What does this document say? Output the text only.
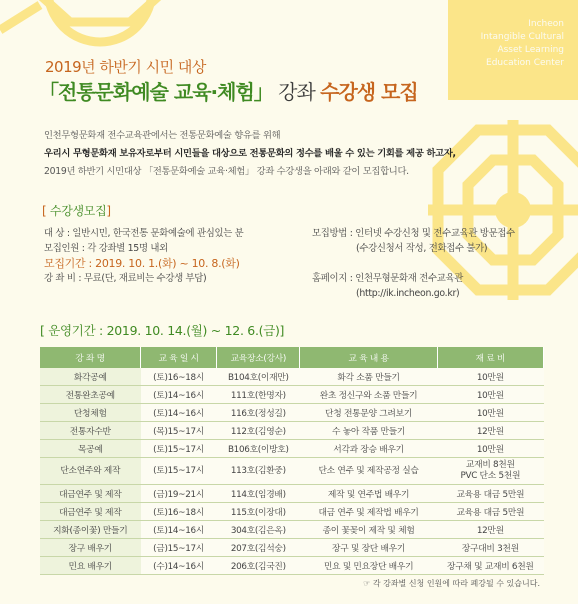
Incheon
Intangible Cultural
Asset Learning
Education Center
2019년 하반기 시민 대상
「전통문화예술 교육·체험」 강좌 수강생 모집
인천무형문화재 전수교육관에서는 전통문화예술 향유를 위해
우리시 무형문화재 보유자로부터 시민들을 대상으로 전통문화의 정수를 배울 수 있는 기회를 제공 하고자,
2019년 하반기 시민대상 「전통문화예술 교육·체험」 강좌 수강생을 아래와 같이 모집합니다.
[ 수강생모집]
대 상 : 일반시민, 한국전통 문화예술에 관심있는 분
모집인원 : 각 강좌별 15명 내외
모집기간 : 2019. 10. 1.(화) ~ 10. 8.(화)
강 좌 비 : 무료(단, 재료비는 수강생 부담)
모집방법 : 인터넷 수강신청 및 전수교육관 방문접수
(수강신청서 작성, 전화접수 불가)

홈페이지 : 인천무형문화재 전수교육관
(http://ik.incheon.go.kr)
[ 운영기간 : 2019. 10. 14.(월) ~ 12. 6.(금)]
강 좌 명	교 육 일 시	교육장소(강사)	교 육 내 용	재 료 비
화각공예	(토)16~18시	B104호(이재만)	화각 소품 만들기	10만원
전통완초공예	(토)14~16시	111호(한명자)	완초 정신구와 소품 만들기	10만원
단청체험	(토)14~16시	116호(정성길)	단청 전통문양 그려보기	10만원
전통자수반	(목)15~17시	112호(김영순)	수 놓아 작품 만들기	12만원
목공예	(토)15~17시	B106호(이방호)	서각과 장승 배우기	10만원
단소연주와 제작	(토)15~17시	113호(김환중)	단소 연주 및 제작공정 실습	교재비 8천원
PVC 단소 5천원
대금연주 및 제작	(금)19~21시	114호(임경배)	제작 및 연주법 배우기	교육용 대금 5만원
대금연주 및 제작	(토)16~18시	115호(이장대)	대금 연주 및 제작법 배우기	교육용 대금 5만원
지화(종이꽃) 만들기	(토)14~16시	304호(김은옥)	종이 꽃꽂이 제작 및 체험	12만원
장구 배우기	(금)15~17시	207호(김석숭)	장구 및 장단 배우기	장구대비 3천원
민요 배우기	(수)14~16시	206호(김국진)	민요 및 민요장단 배우기	장구채 및 교재비 6천원
☞ 각 강좌별 신청 인원에 따라 폐강될 수 있습니다.
